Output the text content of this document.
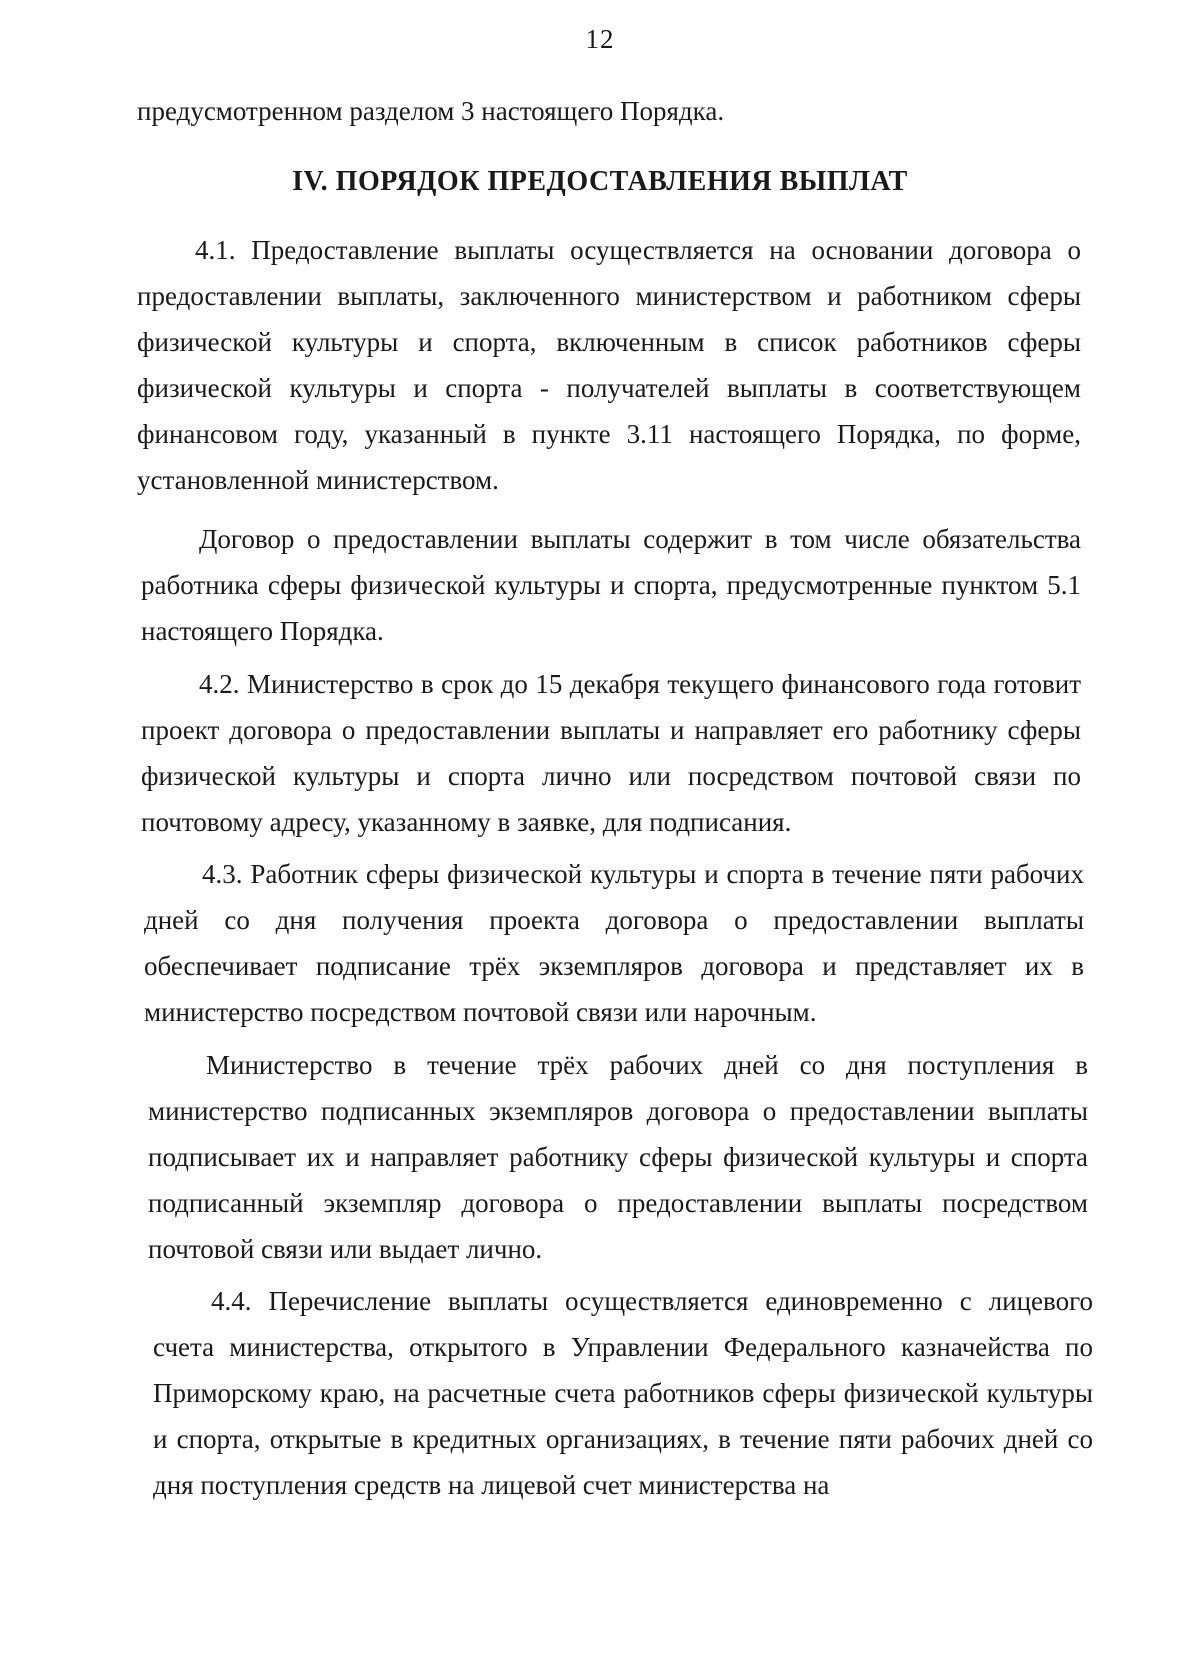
12
предусмотренном разделом 3 настоящего Порядка.
IV. ПОРЯДОК ПРЕДОСТАВЛЕНИЯ ВЫПЛАТ
4.1. Предоставление выплаты осуществляется на основании договора о предоставлении выплаты, заключенного министерством и работником сферы физической культуры и спорта, включенным в список работников сферы физической культуры и спорта - получателей выплаты в соответствующем финансовом году, указанный в пункте 3.11 настоящего Порядка, по форме, установленной министерством.
Договор о предоставлении выплаты содержит в том числе обязательства работника сферы физической культуры и спорта, предусмотренные пунктом 5.1 настоящего Порядка.
4.2. Министерство в срок до 15 декабря текущего финансового года готовит проект договора о предоставлении выплаты и направляет его работнику сферы физической культуры и спорта лично или посредством почтовой связи по почтовому адресу, указанному в заявке, для подписания.
4.3. Работник сферы физической культуры и спорта в течение пяти рабочих дней со дня получения проекта договора о предоставлении выплаты обеспечивает подписание трёх экземпляров договора и представляет их в министерство посредством почтовой связи или нарочным.
Министерство в течение трёх рабочих дней со дня поступления в министерство подписанных экземпляров договора о предоставлении выплаты подписывает их и направляет работнику сферы физической культуры и спорта подписанный экземпляр договора о предоставлении выплаты посредством почтовой связи или выдает лично.
4.4. Перечисление выплаты осуществляется единовременно с лицевого счета министерства, открытого в Управлении Федерального казначейства по Приморскому краю, на расчетные счета работников сферы физической культуры и спорта, открытые в кредитных организациях, в течение пяти рабочих дней со дня поступления средств на лицевой счет министерства на
